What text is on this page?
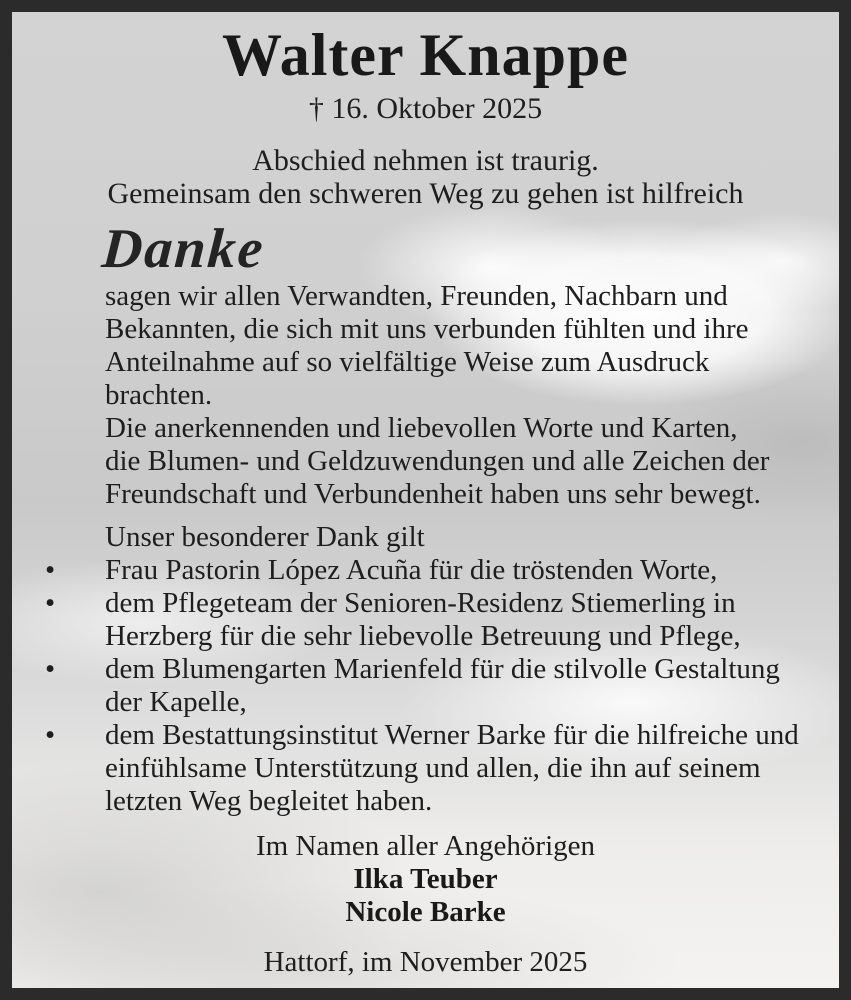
Walter Knappe
† 16. Oktober 2025
Abschied nehmen ist traurig.
Gemeinsam den schweren Weg zu gehen ist hilfreich
Danke
sagen wir allen Verwandten, Freunden, Nachbarn und
Bekannten, die sich mit uns verbunden fühlten und ihre
Anteilnahme auf so vielfältige Weise zum Ausdruck
brachten.
Die anerkennenden und liebevollen Worte und Karten,
die Blumen- und Geldzuwendungen und alle Zeichen der
Freundschaft und Verbundenheit haben uns sehr bewegt.
Unser besonderer Dank gilt
•	Frau Pastorin López Acuña für die tröstenden Worte,
•	dem Pflegeteam der Senioren-Residenz Stiemerling in
Herzberg für die sehr liebevolle Betreuung und Pflege,
•	dem Blumengarten Marienfeld für die stilvolle Gestaltung
der Kapelle,
•	dem Bestattungsinstitut Werner Barke für die hilfreiche und
einfühlsame Unterstützung und allen, die ihn auf seinem
letzten Weg begleitet haben.
Im Namen aller Angehörigen
Ilka Teuber
Nicole Barke
Hattorf, im November 2025
